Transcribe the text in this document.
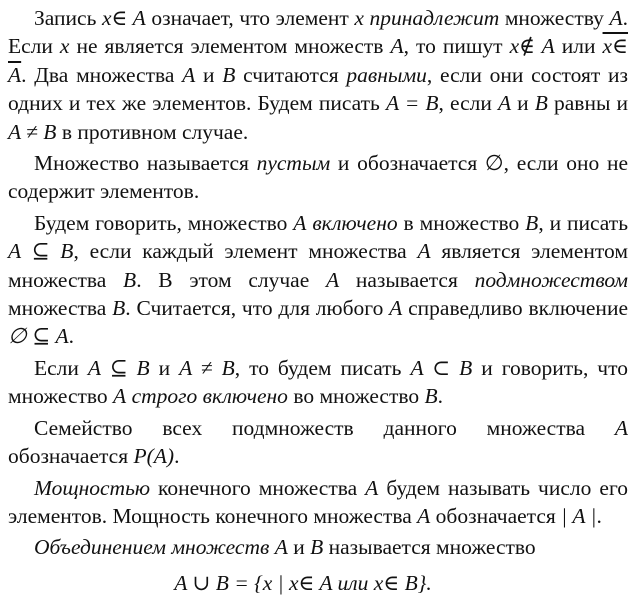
Запись x∈ A означает, что элемент x принадлежит множеству A. Если x не является элементом множеств A, то пишут x∉ A или x∈ A. Два множества A и B считаются равными, если они состоят из одних и тех же элементов. Будем писать A = B, если A и B равны и A ≠ B в противном случае.

Множество называется пустым и обозначается ∅, если оно не содержит элементов.

Будем говорить, множество A включено в множество B, и писать A ⊆ B, если каждый элемент множества A является элементом множества B. В этом случае A называется подмножеством множества B. Считается, что для любого A справедливо включение ∅ ⊆ A.

Если A ⊆ B и A ≠ B, то будем писать A ⊂ B и говорить, что множество A строго включено во множество B.

Семейство всех подмножеств данного множества A обозначается P(A).

Мощностью конечного множества A будем называть число его элементов. Мощность конечного множества A обозначается | A |.

Объединением множеств A и B называется множество

A ∪ B = {x | x∈ A или x∈ B}.
